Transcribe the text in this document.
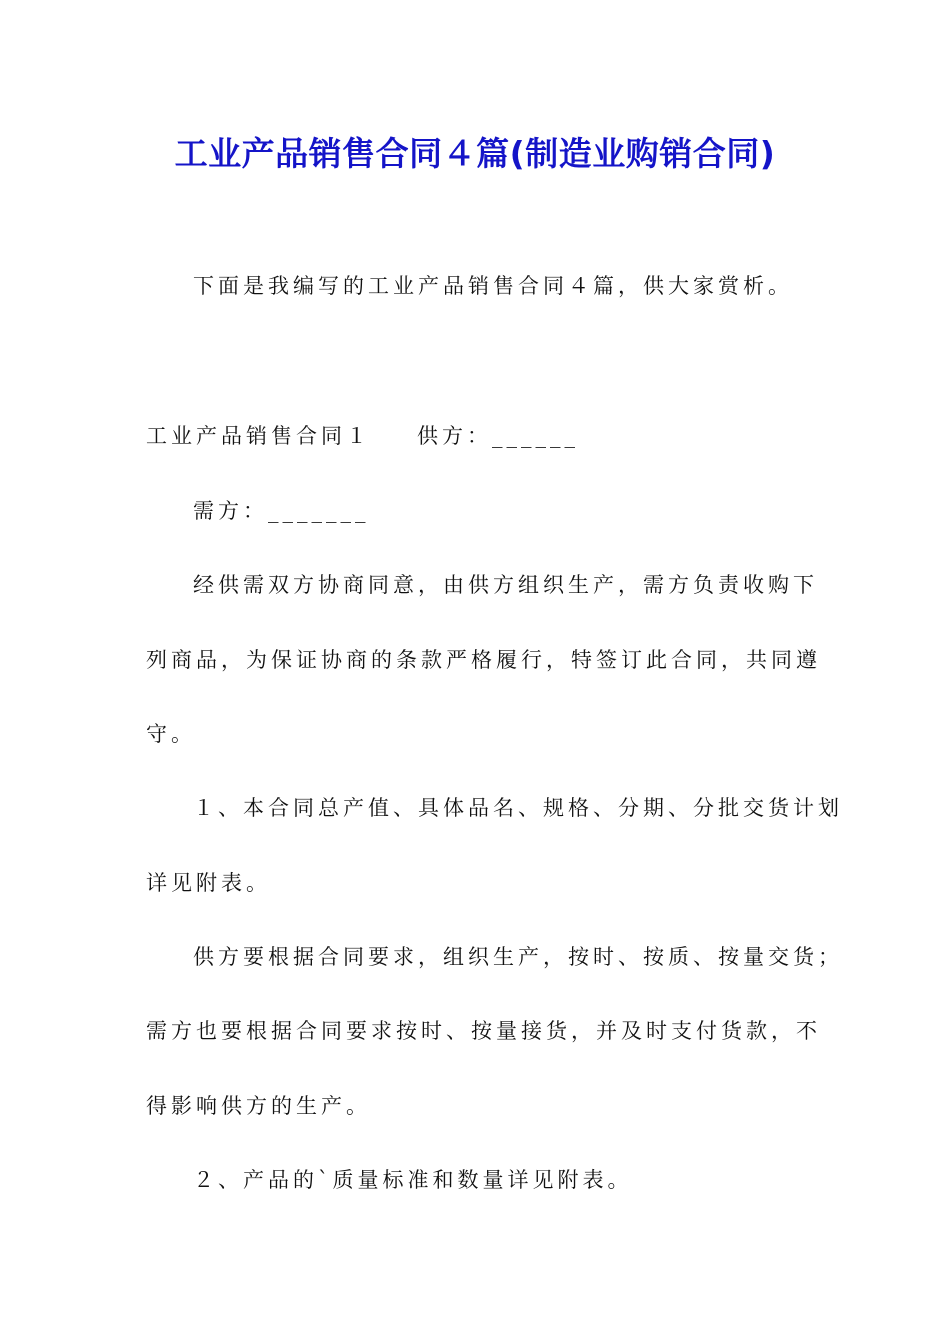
工业产品销售合同４篇(制造业购销合同)
下面是我编写的工业产品销售合同４篇，供大家赏析。
工业产品销售合同１ 供方：______
需方：_______
经供需双方协商同意，由供方组织生产，需方负责收购下
列商品，为保证协商的条款严格履行，特签订此合同，共同遵
守。
１、本合同总产值、具体品名、规格、分期、分批交货计划
详见附表。
供方要根据合同要求，组织生产，按时、按质、按量交货；
需方也要根据合同要求按时、按量接货，并及时支付货款，不
得影响供方的生产。
２、产品的`质量标准和数量详见附表。
